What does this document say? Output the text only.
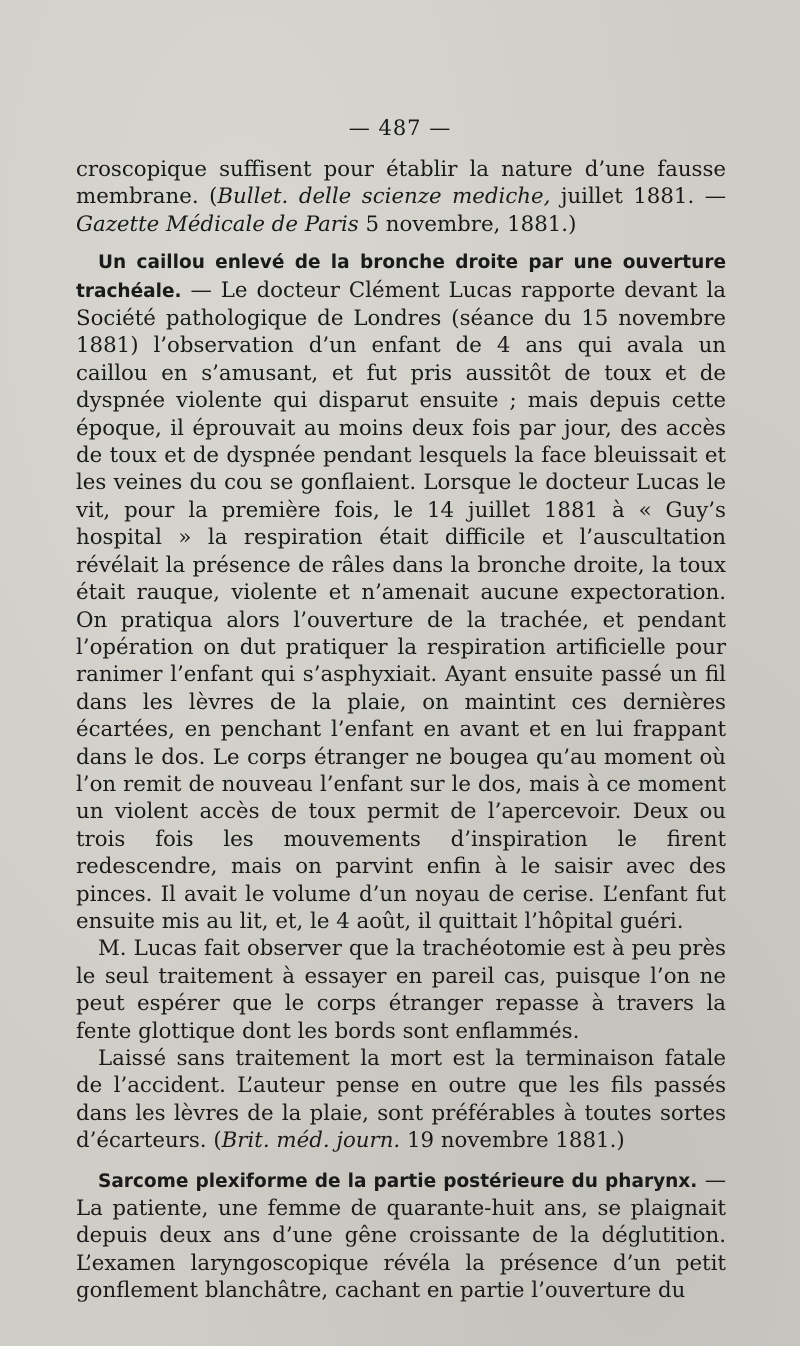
— 487 —

croscopique suffisent pour établir la nature d’une fausse membrane. (Bullet. delle scienze mediche, juillet 1881. — Gazette Médicale de Paris 5 novembre, 1881.)

Un caillou enlevé de la bronche droite par une ouverture trachéale. — Le docteur Clément Lucas rapporte devant la Société pathologique de Londres (séance du 15 novembre 1881) l’observation d’un enfant de 4 ans qui avala un caillou en s’amusant, et fut pris aussitôt de toux et de dyspnée violente qui disparut ensuite ; mais depuis cette époque, il éprouvait au moins deux fois par jour, des accès de toux et de dyspnée pendant lesquels la face bleuissait et les veines du cou se gonflaient. Lorsque le docteur Lucas le vit, pour la première fois, le 14 juillet 1881 à « Guy’s hospital » la respiration était difficile et l’auscultation révélait la présence de râles dans la bronche droite, la toux était rauque, violente et n’amenait aucune expectoration. On pratiqua alors l’ouverture de la trachée, et pendant l’opération on dut pratiquer la respiration artificielle pour ranimer l’enfant qui s’asphyxiait. Ayant ensuite passé un fil dans les lèvres de la plaie, on maintint ces dernières écartées, en penchant l’enfant en avant et en lui frappant dans le dos. Le corps étranger ne bougea qu’au moment où l’on remit de nouveau l’enfant sur le dos, mais à ce moment un violent accès de toux permit de l’apercevoir. Deux ou trois fois les mouvements d’inspiration le firent redescendre, mais on parvint enfin à le saisir avec des pinces. Il avait le volume d’un noyau de cerise. L’enfant fut ensuite mis au lit, et, le 4 août, il quittait l’hôpital guéri.

M. Lucas fait observer que la trachéotomie est à peu près le seul traitement à essayer en pareil cas, puisque l’on ne peut espérer que le corps étranger repasse à travers la fente glottique dont les bords sont enflammés.

Laissé sans traitement la mort est la terminaison fatale de l’accident. L’auteur pense en outre que les fils passés dans les lèvres de la plaie, sont préférables à toutes sortes d’écarteurs. (Brit. méd. journ. 19 novembre 1881.)

Sarcome plexiforme de la partie postérieure du pharynx. — La patiente, une femme de quarante-huit ans, se plaignait depuis deux ans d’une gêne croissante de la déglutition. L’examen laryngoscopique révéla la présence d’un petit gonflement blanchâtre, cachant en partie l’ouverture du
